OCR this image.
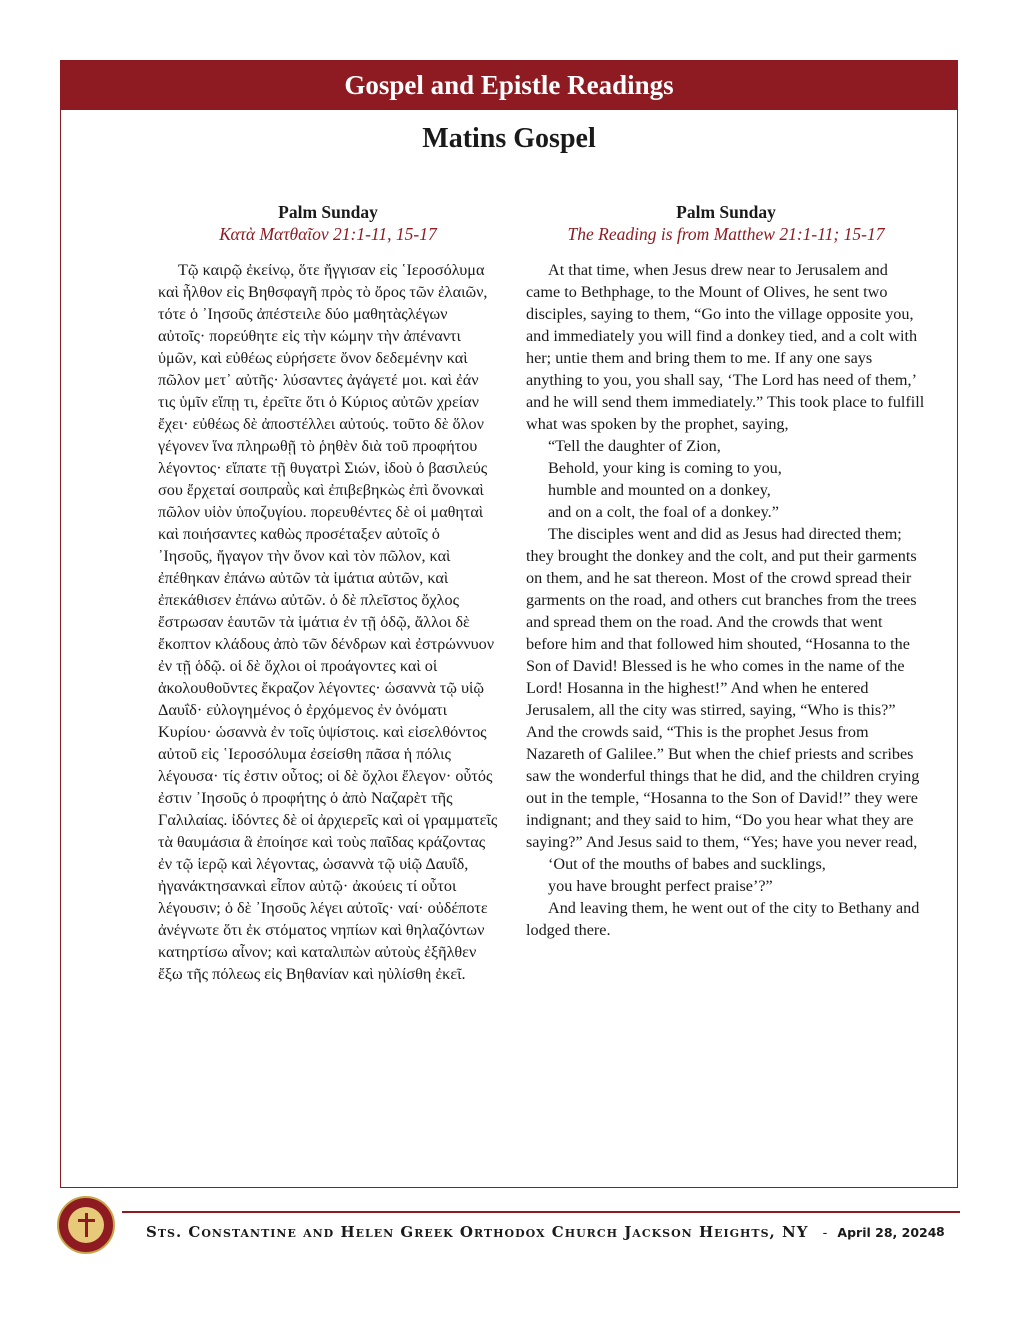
Gospel and Epistle Readings
Matins Gospel

Palm Sunday

Κατὰ Ματθαῖον 21:1-11, 15-17

Τῷ καιρῷ ἐκείνῳ, ὅτε ἤγγισαν εἰς ῾Ιεροσόλυμα καὶ ἦλθον εἰς Βηθσφαγῆ πρὸς τὸ ὄρος τῶν ἐλαιῶν, τότε ὁ ᾿Ιησοῦς ἀπέστειλε δύο μαθητὰςλέγων αὐτοῖς· πορεύθητε εἰς τὴν κώμην τὴν ἀπέναντι ὑμῶν, καὶ εὐθέως εὑρήσετε ὄνον δεδεμένην καὶ πῶλον μετ᾿ αὐτῆς· λύσαντες ἀγάγετέ μοι. καὶ ἐάν τις ὑμῖν εἴπῃ τι, ἐρεῖτε ὅτι ὁ Κύριος αὐτῶν χρείαν ἔχει· εὐθέως δὲ ἀποστέλλει αὐτούς. τοῦτο δὲ ὅλον γέγονεν ἵνα πληρωθῇ τὸ ῥηθὲν διὰ τοῦ προφήτου λέγοντος· εἴπατε τῇ θυγατρὶ Σιών, ἰδοὺ ὁ βασιλεύς σου ἔρχεταί σοιπραῢς καὶ ἐπιβεβηκὼς ἐπὶ ὄνονκαὶ πῶλον υἱὸν ὑποζυγίου. πορευθέντες δὲ οἱ μαθηταὶ καὶ ποιήσαντες καθὼς προσέταξεν αὐτοῖς ὁ ᾿Ιησοῦς, ἤγαγον τὴν ὄνον καὶ τὸν πῶλον, καὶ ἐπέθηκαν ἐπάνω αὐτῶν τὰ ἱμάτια αὐτῶν, καὶ ἐπεκάθισεν ἐπάνω αὐτῶν. ὁ δὲ πλεῖστος ὄχλος ἔστρωσαν ἑαυτῶν τὰ ἱμάτια ἐν τῇ ὁδῷ, ἄλλοι δὲ ἔκοπτον κλάδους ἀπὸ τῶν δένδρων καὶ ἐστρώννυον ἐν τῇ ὁδῷ. οἱ δὲ ὄχλοι οἱ προάγοντες καὶ οἱ ἀκολουθοῦντες ἔκραζον λέγοντες· ὡσαννὰ τῷ υἱῷ Δαυΐδ· εὐλογημένος ὁ ἐρχόμενος ἐν ὀνόματι Κυρίου· ὡσαννὰ ἐν τοῖς ὑψίστοις. καὶ εἰσελθόντος αὐτοῦ εἰς ῾Ιεροσόλυμα ἐσείσθη πᾶσα ἡ πόλις λέγουσα· τίς ἐστιν οὗτος; οἱ δὲ ὄχλοι ἔλεγον· οὗτός ἐστιν ᾿Ιησοῦς ὁ προφήτης ὁ ἀπὸ Ναζαρὲτ τῆς Γαλιλαίας. ἰδόντες δὲ οἱ ἀρχιερεῖς καὶ οἱ γραμματεῖς τὰ θαυμάσια ἃ ἐποίησε καὶ τοὺς παῖδας κράζοντας ἐν τῷ ἱερῷ καὶ λέγοντας, ὡσαννὰ τῷ υἱῷ Δαυΐδ, ἠγανάκτησανκαὶ εἶπον αὐτῷ· ἀκούεις τί οὗτοι λέγουσιν; ὁ δὲ ᾿Ιησοῦς λέγει αὐτοῖς· ναί· οὐδέποτε ἀνέγνωτε ὅτι ἐκ στόματος νηπίων καὶ θηλαζόντων κατηρτίσω αἶνον; καὶ καταλιπὼν αὐτοὺς ἐξῆλθεν ἔξω τῆς πόλεως εἰς Βηθανίαν καὶ ηὐλίσθη ἐκεῖ.

Palm Sunday

The Reading is from Matthew 21:1-11; 15-17

At that time, when Jesus drew near to Jerusalem and came to Bethphage, to the Mount of Olives, he sent two disciples, saying to them, “Go into the village opposite you, and immediately you will find a donkey tied, and a colt with her; untie them and bring them to me. If any one says anything to you, you shall say, ‘The Lord has need of them,’ and he will send them immediately.” This took place to fulfill what was spoken by the prophet, saying,

“Tell the daughter of Zion,

Behold, your king is coming to you,

humble and mounted on a donkey,

and on a colt, the foal of a donkey.”

The disciples went and did as Jesus had directed them; they brought the donkey and the colt, and put their garments on them, and he sat thereon. Most of the crowd spread their garments on the road, and others cut branches from the trees and spread them on the road. And the crowds that went before him and that followed him shouted, “Hosanna to the Son of David! Blessed is he who comes in the name of the Lord! Hosanna in the highest!” And when he entered Jerusalem, all the city was stirred, saying, “Who is this?” And the crowds said, “This is the prophet Jesus from Nazareth of Galilee.” But when the chief priests and scribes saw the wonderful things that he did, and the children crying out in the temple, “Hosanna to the Son of David!” they were indignant; and they said to him, “Do you hear what they are saying?” And Jesus said to them, “Yes; have you never read,

‘Out of the mouths of babes and sucklings,

you have brought perfect praise’?”

And leaving them, he went out of the city to Bethany and lodged there.

Sts. Constantine and Helen Greek Orthodox Church Jackson Heights, NY - April 28, 2024 8
